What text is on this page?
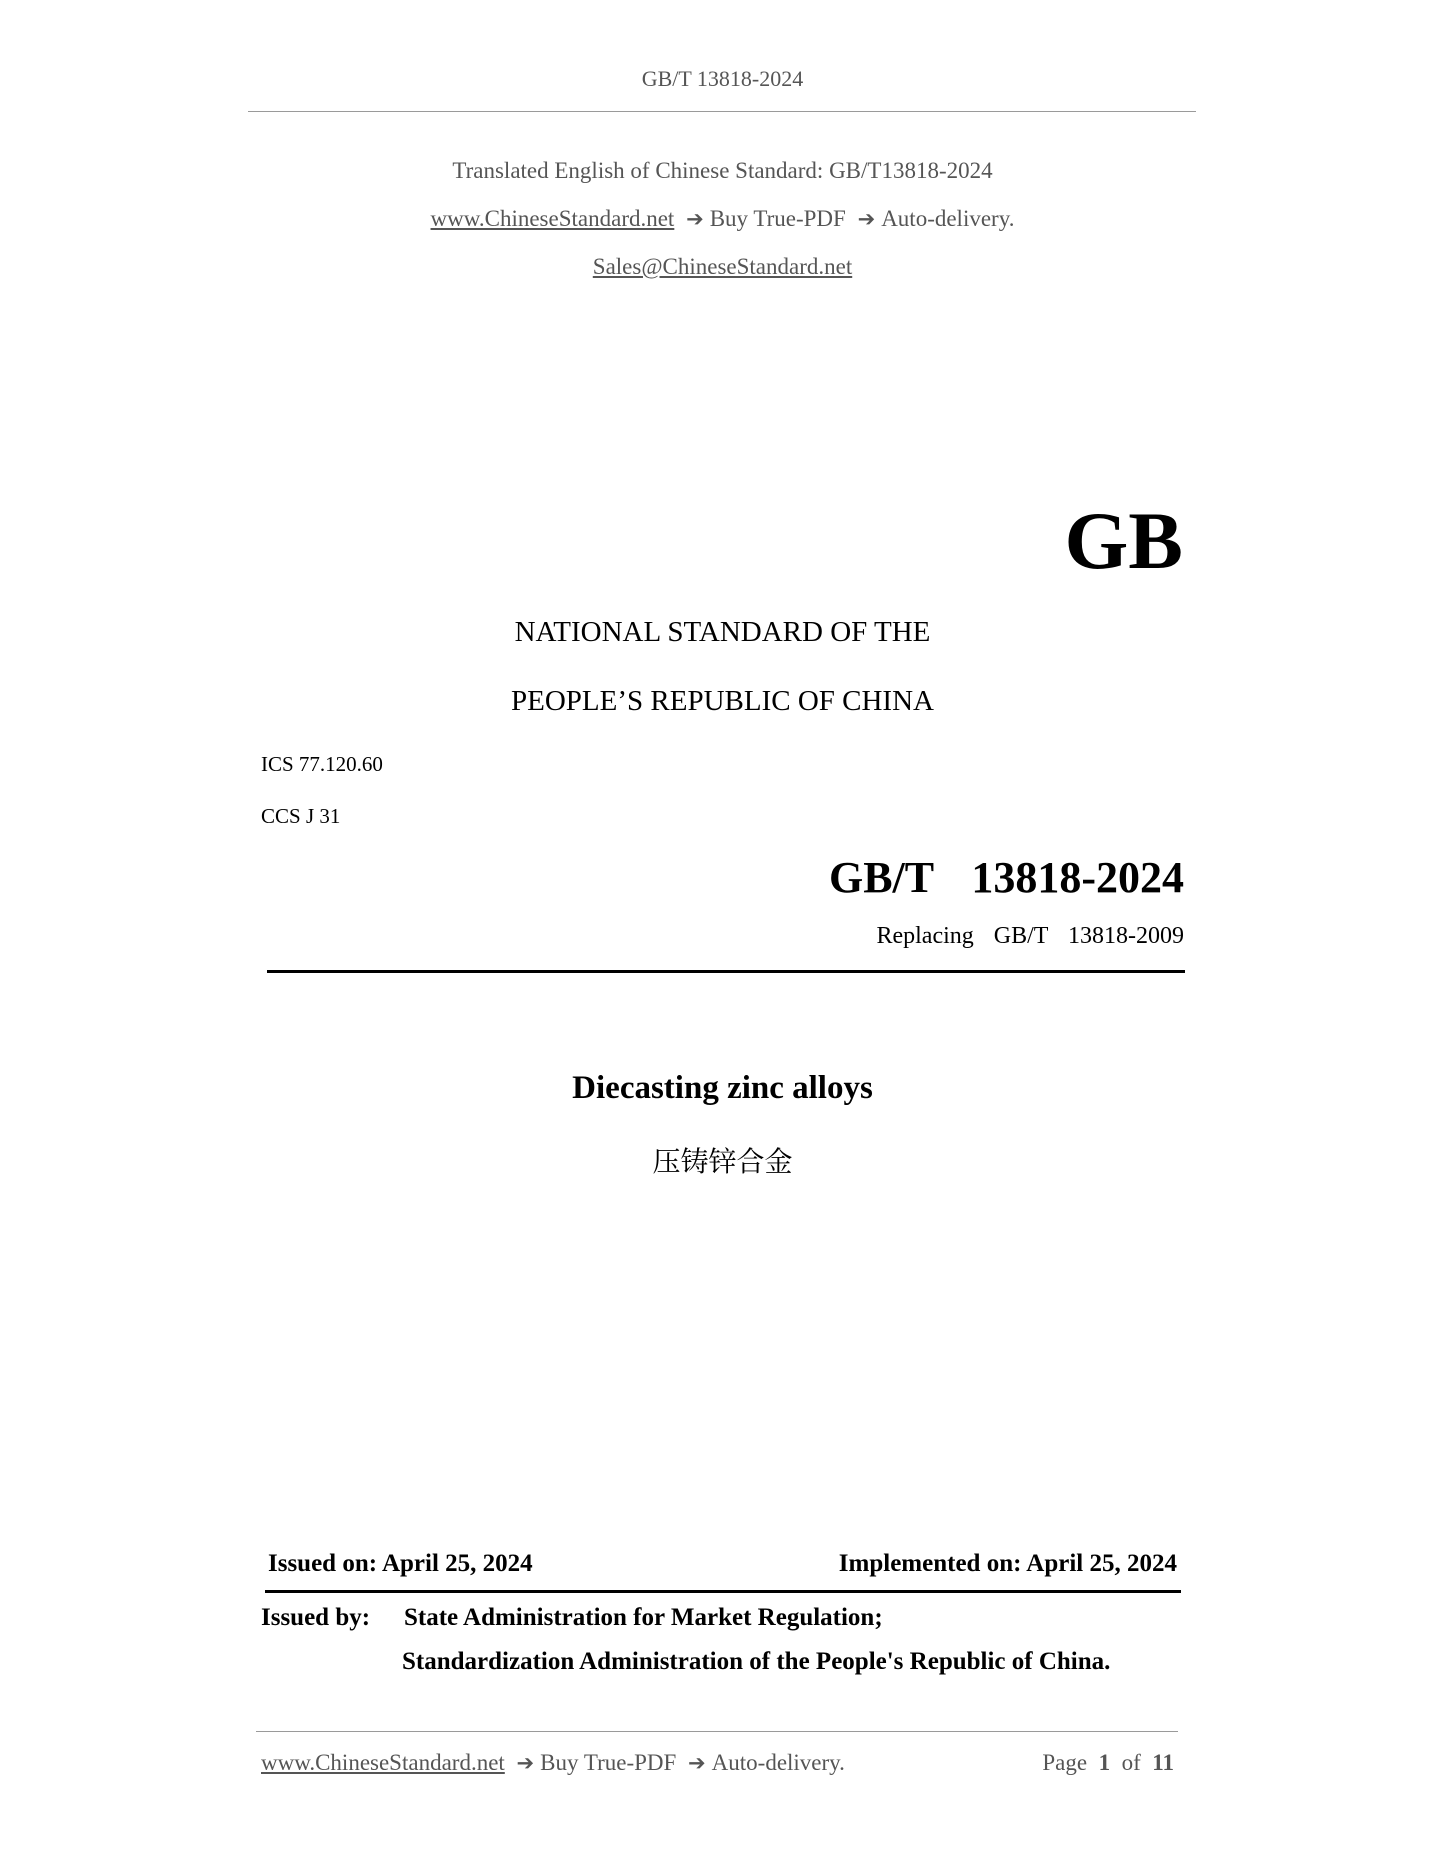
GB/T 13818-2024
Translated English of Chinese Standard: GB/T13818-2024
www.ChineseStandard.net ➔ Buy True-PDF ➔ Auto-delivery.
Sales@ChineseStandard.net
GB
NATIONAL STANDARD OF THE
PEOPLE’S REPUBLIC OF CHINA
ICS 77.120.60
CCS J 31
GB/T  13818-2024
Replacing  GB/T  13818-2009
Diecasting zinc alloys
压铸锌合金
Issued on: April 25, 2024	Implemented on: April 25, 2024
Issued by: State Administration for Market Regulation;
Standardization Administration of the People's Republic of China.
www.ChineseStandard.net ➔ Buy True-PDF ➔ Auto-delivery.	Page 1 of 11
